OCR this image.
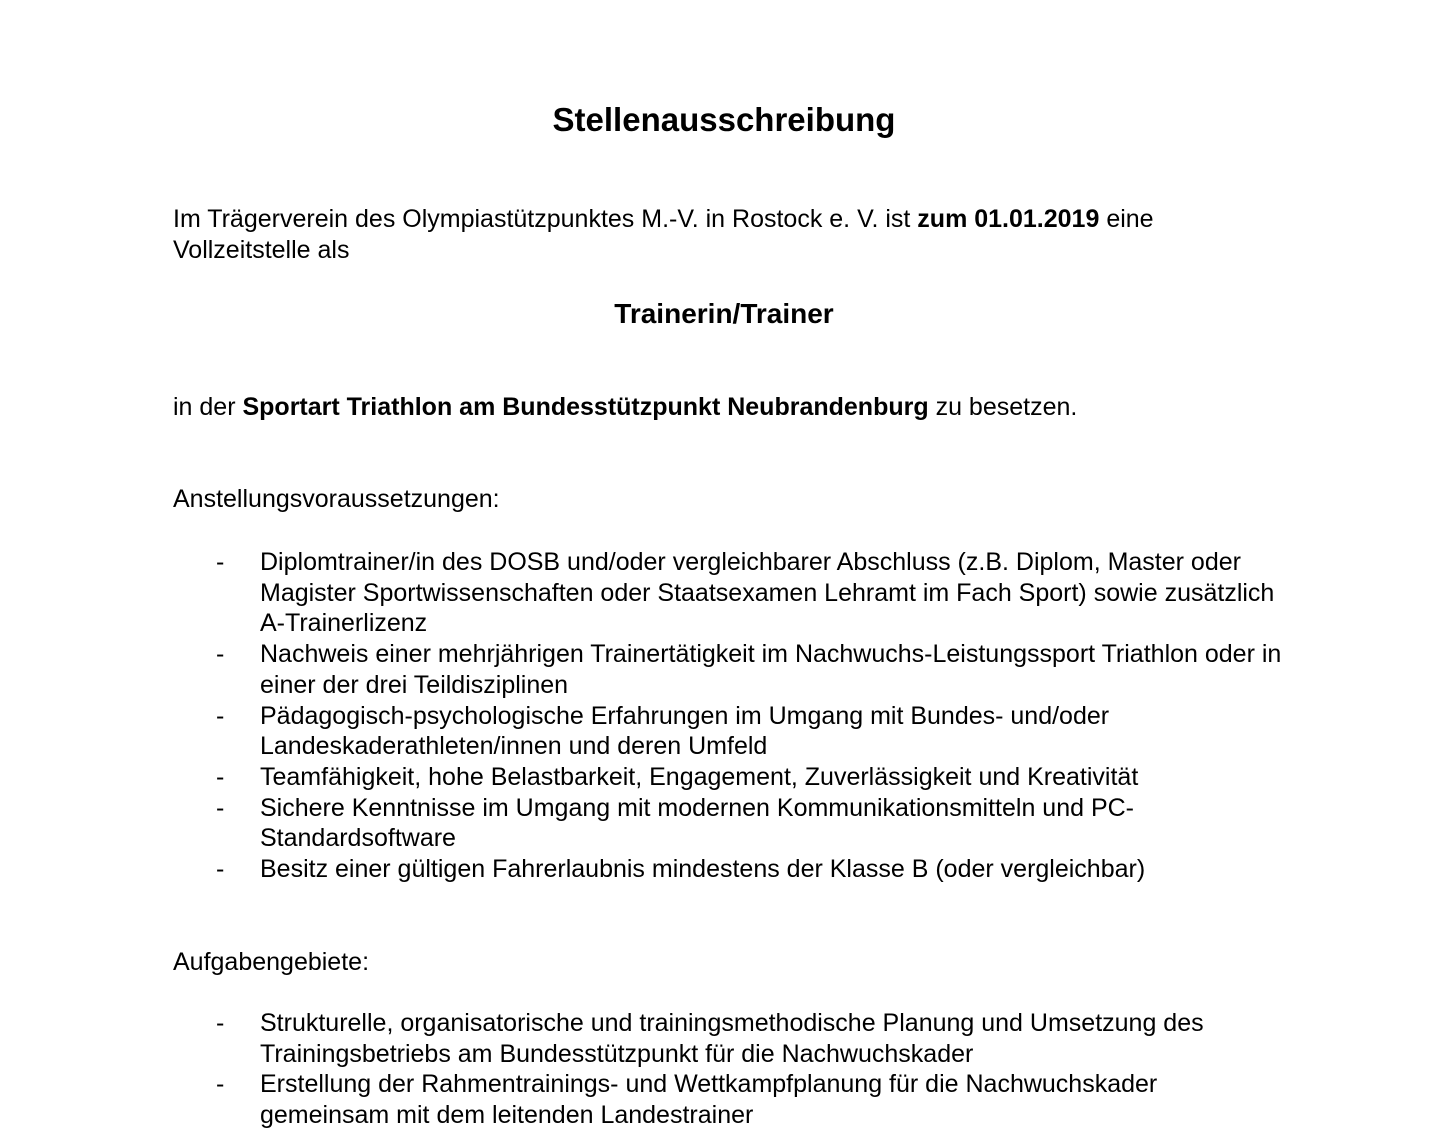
Stellenausschreibung
Im Trägerverein des Olympiastützpunktes M.-V. in Rostock e. V. ist zum 01.01.2019 eine Vollzeitstelle als
Trainerin/Trainer
in der Sportart Triathlon am Bundesstützpunkt Neubrandenburg zu besetzen.
Anstellungsvoraussetzungen:
- Diplomtrainer/in des DOSB und/oder vergleichbarer Abschluss (z.B. Diplom, Master oder Magister Sportwissenschaften oder Staatsexamen Lehramt im Fach Sport) sowie zusätzlich A-Trainerlizenz
- Nachweis einer mehrjährigen Trainertätigkeit im Nachwuchs-Leistungssport Triathlon oder in einer der drei Teildisziplinen
- Pädagogisch-psychologische Erfahrungen im Umgang mit Bundes- und/oder Landeskaderathleten/innen und deren Umfeld
- Teamfähigkeit, hohe Belastbarkeit, Engagement, Zuverlässigkeit und Kreativität
- Sichere Kenntnisse im Umgang mit modernen Kommunikationsmitteln und PC-Standardsoftware
- Besitz einer gültigen Fahrerlaubnis mindestens der Klasse B (oder vergleichbar)
Aufgabengebiete:
- Strukturelle, organisatorische und trainingsmethodische Planung und Umsetzung des Trainingsbetriebs am Bundesstützpunkt für die Nachwuchskader
- Erstellung der Rahmentrainings- und Wettkampfplanung für die Nachwuchskader gemeinsam mit dem leitenden Landestrainer
